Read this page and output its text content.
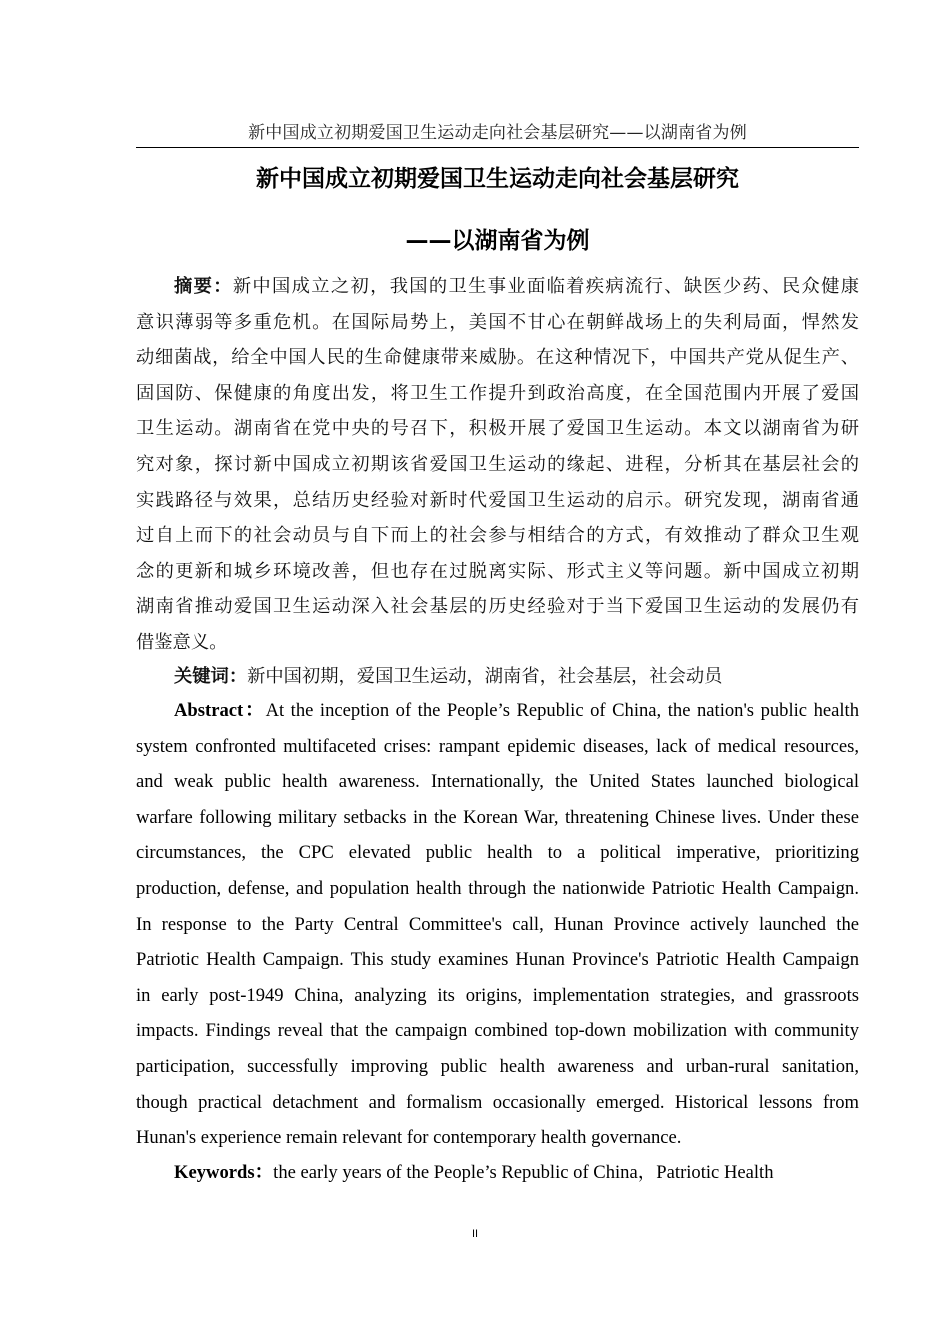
新中国成立初期爱国卫生运动走向社会基层研究——以湖南省为例
新中国成立初期爱国卫生运动走向社会基层研究
——以湖南省为例
摘要：新中国成立之初，我国的卫生事业面临着疾病流行、缺医少药、民众健康
意识薄弱等多重危机。在国际局势上，美国不甘心在朝鲜战场上的失利局面，悍然发
动细菌战，给全中国人民的生命健康带来威胁。在这种情况下，中国共产党从促生产、
固国防、保健康的角度出发，将卫生工作提升到政治高度，在全国范围内开展了爱国
卫生运动。湖南省在党中央的号召下，积极开展了爱国卫生运动。本文以湖南省为研
究对象，探讨新中国成立初期该省爱国卫生运动的缘起、进程，分析其在基层社会的
实践路径与效果，总结历史经验对新时代爱国卫生运动的启示。研究发现，湖南省通
过自上而下的社会动员与自下而上的社会参与相结合的方式，有效推动了群众卫生观
念的更新和城乡环境改善，但也存在过脱离实际、形式主义等问题。新中国成立初期
湖南省推动爱国卫生运动深入社会基层的历史经验对于当下爱国卫生运动的发展仍有
借鉴意义。
关键词：新中国初期，爱国卫生运动，湖南省，社会基层，社会动员
Abstract：At the inception of the People’s Republic of China, the nation's public health
system confronted multifaceted crises: rampant epidemic diseases, lack of medical resources,
and weak public health awareness. Internationally, the United States launched biological
warfare following military setbacks in the Korean War, threatening Chinese lives. Under these
circumstances, the CPC elevated public health to a political imperative, prioritizing
production, defense, and population health through the nationwide Patriotic Health Campaign.
In response to the Party Central Committee's call, Hunan Province actively launched the
Patriotic Health Campaign. This study examines Hunan Province's Patriotic Health Campaign
in early post-1949 China, analyzing its origins, implementation strategies, and grassroots
impacts. Findings reveal that the campaign combined top-down mobilization with community
participation, successfully improving public health awareness and urban-rural sanitation,
though practical detachment and formalism occasionally emerged. Historical lessons from
Hunan's experience remain relevant for contemporary health governance.
Keywords：the early years of the People’s Republic of China，Patriotic Health
II
